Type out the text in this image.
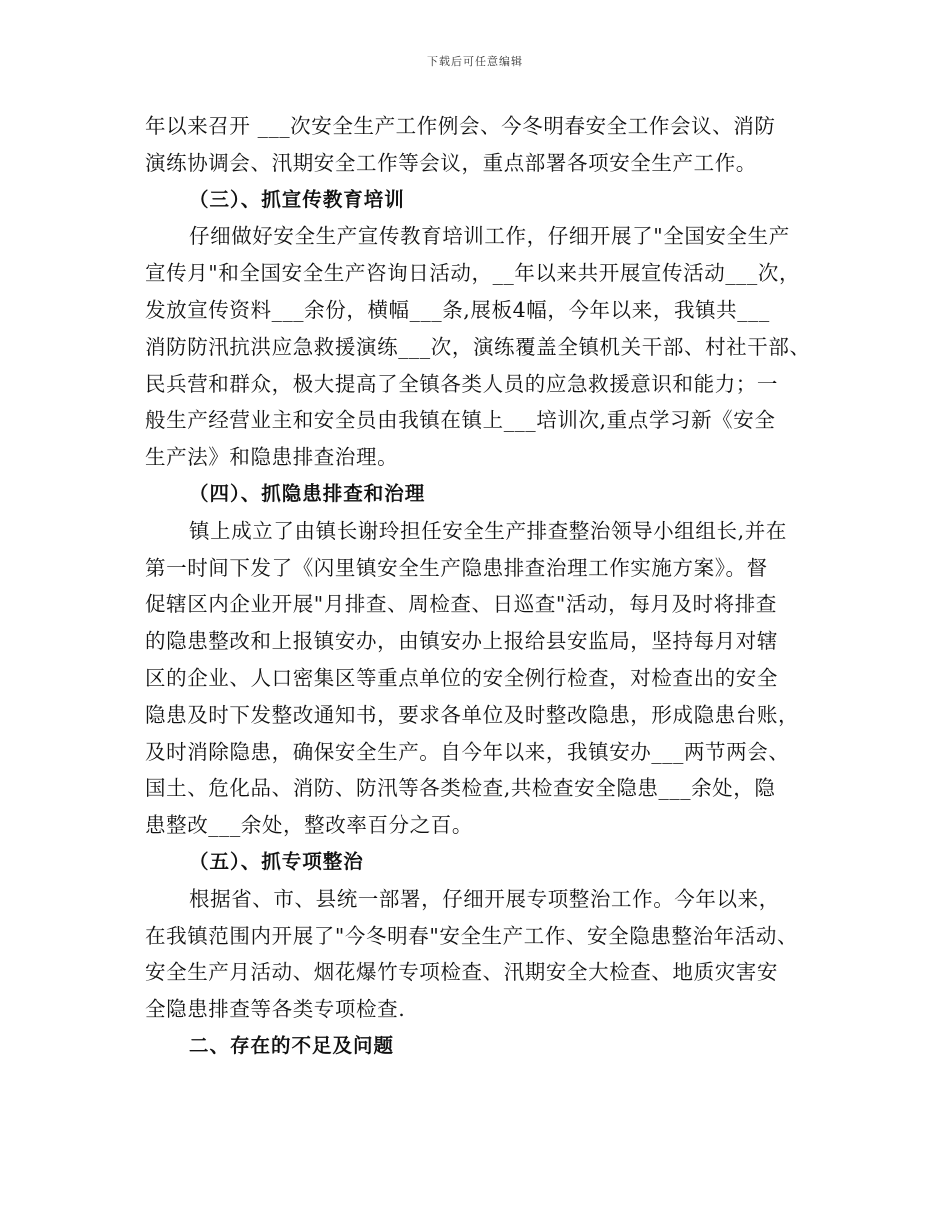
下载后可任意编辑
年以来召开 ___次安全生产工作例会、今冬明春安全工作会议、消防
演练协调会、汛期安全工作等会议，重点部署各项安全生产工作。
（三）、抓宣传教育培训
仔细做好安全生产宣传教育培训工作，仔细开展了"全国安全生产
宣传月"和全国安全生产咨询日活动，__年以来共开展宣传活动___次，
发放宣传资料___余份，横幅___条,展板4幅，今年以来，我镇共___
消防防汛抗洪应急救援演练___次，演练覆盖全镇机关干部、村社干部、
民兵营和群众，极大提高了全镇各类人员的应急救援意识和能力；一
般生产经营业主和安全员由我镇在镇上___培训次,重点学习新《安全
生产法》和隐患排查治理。
（四）、抓隐患排查和治理
镇上成立了由镇长谢玲担任安全生产排查整治领导小组组长,并在
第一时间下发了《闪里镇安全生产隐患排查治理工作实施方案》。督
促辖区内企业开展"月排查、周检查、日巡查"活动，每月及时将排查
的隐患整改和上报镇安办，由镇安办上报给县安监局，坚持每月对辖
区的企业、人口密集区等重点单位的安全例行检查，对检查出的安全
隐患及时下发整改通知书，要求各单位及时整改隐患，形成隐患台账，
及时消除隐患，确保安全生产。自今年以来，我镇安办___两节两会、
国土、危化品、消防、防汛等各类检查,共检查安全隐患___余处，隐
患整改___余处，整改率百分之百。
（五）、抓专项整治
根据省、市、县统一部署，仔细开展专项整治工作。今年以来，
在我镇范围内开展了"今冬明春"安全生产工作、安全隐患整治年活动、
安全生产月活动、烟花爆竹专项检查、汛期安全大检查、地质灾害安
全隐患排查等各类专项检查.
二、存在的不足及问题
